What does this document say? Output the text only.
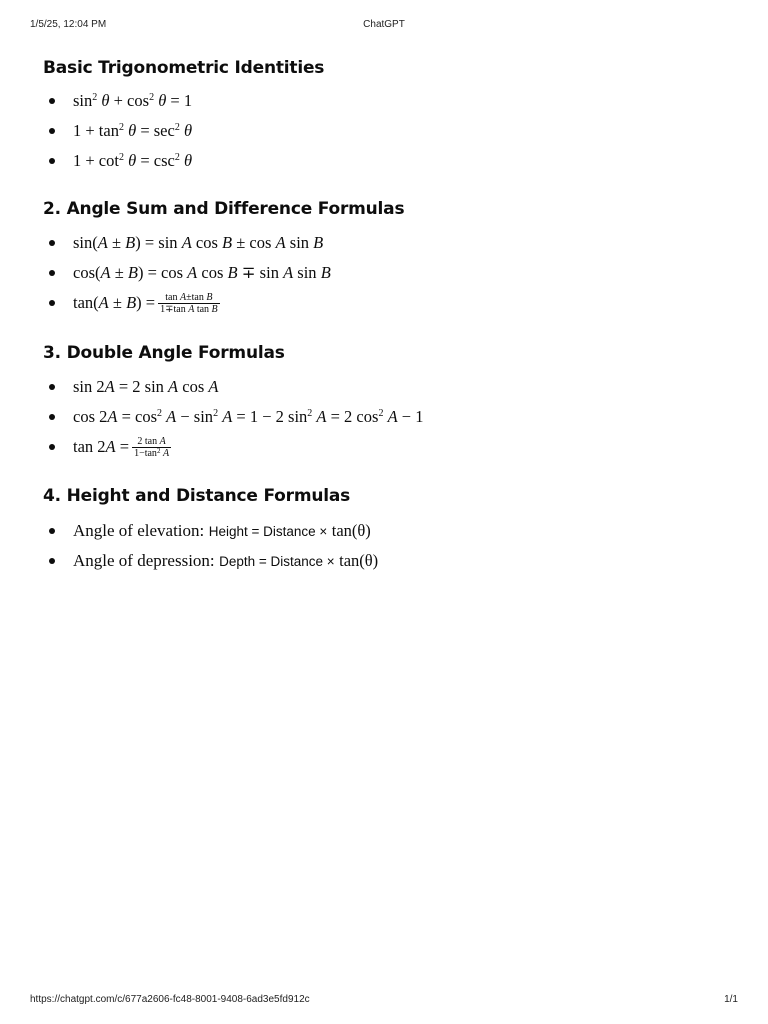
1/5/25, 12:04 PM	ChatGPT
Basic Trigonometric Identities
$\sin^2 \theta + \cos^2 \theta = 1$
$1 + \tan^2 \theta = \sec^2 \theta$
$1 + \cot^2 \theta = \csc^2 \theta$
2. Angle Sum and Difference Formulas
sin(A ± B) = sin A cos B ± cos A sin B
cos(A ± B) = cos A cos B ∓ sin A sin B
$\tan(A \pm B) = \frac{\text{tan A±tan B}}{\text{1∓tan A tan B}}$
3. Double Angle Formulas
sin 2A = 2 sin A cos A
$\cos 2A = \cos^2 A - \sin^2 A = 1 - 2$ $\sin^2 A = 2$ $\cos^2 A - 1$
$\tan 2A = \frac{\text{2 tan A}}{1-\tan^2 A}$
4. Height and Distance Formulas
Angle of elevation: Height = Distance × tan(θ)
Angle of depression: Depth = Distance × tan(θ)
https://chatgpt.com/c/677a2606-fc48-8001-9408-6ad3e5fd912c	1/1
